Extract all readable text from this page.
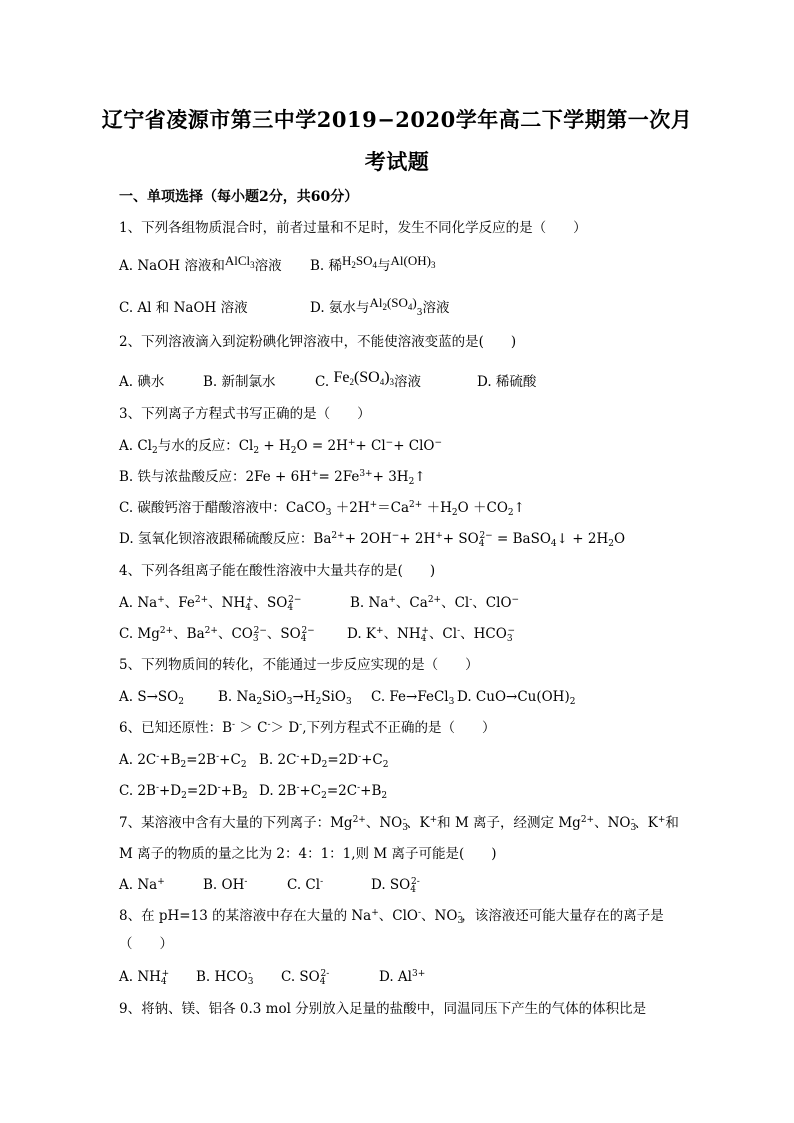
辽宁省凌源市第三中学2019−2020学年高二下学期第一次月
考试题
一、单项选择（每小题2分，共60分）
1、下列各组物质混合时，前者过量和不足时，发生不同化学反应的是（　　）
A. NaOH 溶液和AlCl$_3$溶液 B. 稀$H_2SO_4$与$Al(OH)_3$
C. Al 和 NaOH 溶液	D. 氨水与$Al_2(SO_4)_3$溶液
2、下列溶液滴入到淀粉碘化钾溶液中，不能使溶液变蓝的是(　　)
A. 碘水	B. 新制氯水	C. $Fe_2(SO_4)_3$溶液	D. 稀硫酸
3、下列离子方程式书写正确的是（　　）
A. $Cl_2$与水的反应：$Cl_2 + H_2O = 2H^++ Cl^-+ ClO^-$
B. 铁与浓盐酸反应：$2Fe + 6H^+= 2Fe^{3+}+$ $3H_2↑$
C. 碳酸钙溶于醋酸溶液中：CaCO$_3$ $+2H^+=Ca^{2+} +H_2O$ $+CO_2↑$
D. 氢氧化钡溶液跟稀硫酸反应：$Ba^{2+}+ 2OH^-+ 2H^++ SO_4^{2-}$ = BaSO$_4$↓ + $2H_2O$
4、下列各组离子能在酸性溶液中大量共存的是(　　)
A. Na+、$Fe^{2+}$、$NH_4^+$、$SO_4^{2-}$	B. Na+、$Ca^{2+}$、Cl-、ClO−
C. $Mg^{2+}$、$Ba^{2+}$、$CO_3^{2-}$、$SO_4^{2-}$ D. K+、$NH_4^+$、Cl-、$HCO_3^-$
5、下列物质间的转化，不能通过一步反应实现的是（　　）
A. $S\to SO_2$	B. $Na_2SiO_3\to H_2SiO_3$ C. Fe→FeCl$_3$ D. $CuO\to Cu(OH)_2$
6、已知还原性：B- ＞ C-＞ D-,下列方程式不正确的是（　　）
A. $2C^-+B_2=2B^-+C_2$ B. $2C^-+D_2=2D^-+C_2$
C. $2B^-+D_2=2D^-+B_2$ D. $2B^-+C_2=2C^-+B_2$
7、某溶液中含有大量的下列离子：$Mg^{2+}$、$NO_3^-$、K+和 M 离子，经测定 $Mg^{2+}$、$NO_3^-$、K+和
M 离子的物质的量之比为 2：4：1：1,则 M 离子可能是(　　)
A. Na+	B. OH-	C. Cl-	D. $SO_4^{2-}$
8、在 pH=13 的某溶液中存在大量的 Na+、ClO-、$NO_3^-$，该溶液还可能大量存在的离子是
（　　）
A. $NH_4^+$ B. $HCO_3^-$ C. $SO_4^{2-}$	D. $Al^{3+}$
9、将钠、镁、铝各 0.3 mol 分别放入足量的盐酸中，同温同压下产生的气体的体积比是
